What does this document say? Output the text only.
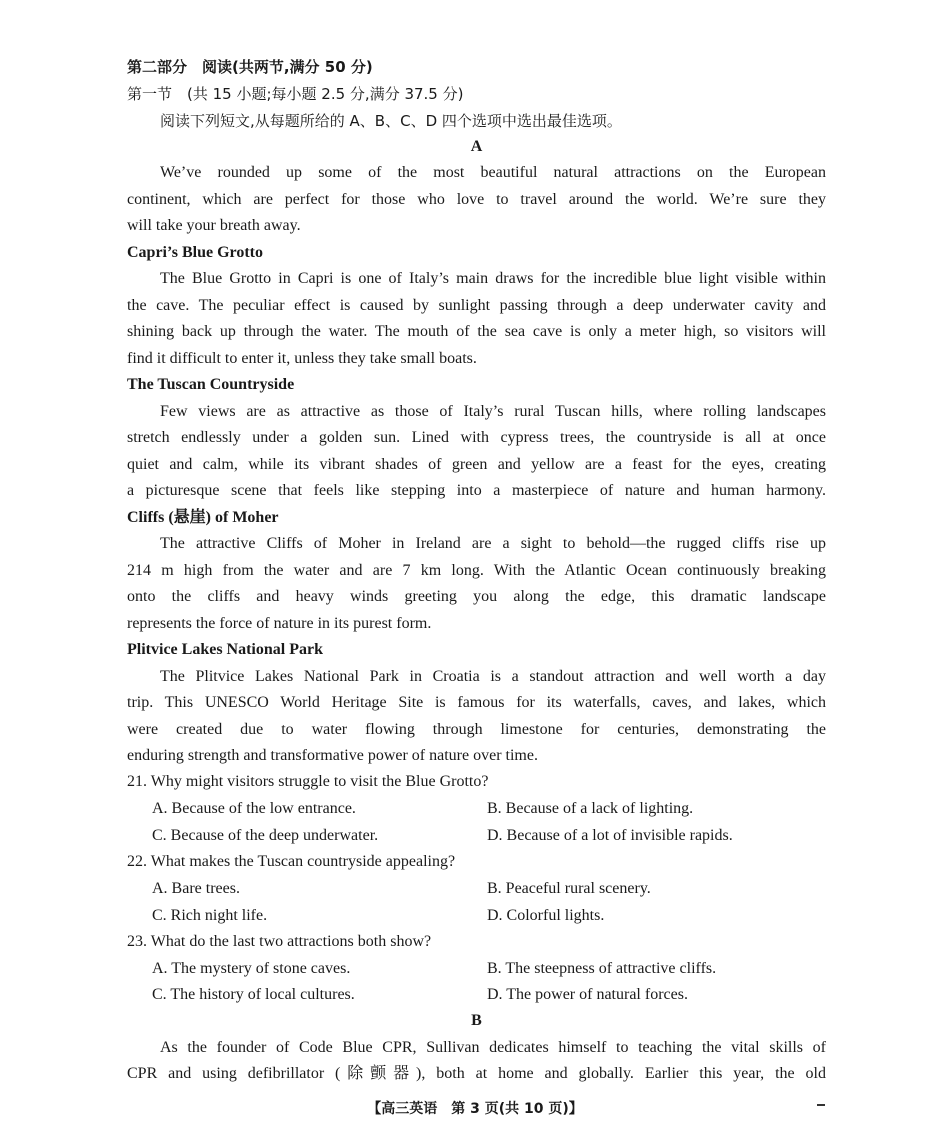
第二部分　阅读(共两节,满分 50 分)
第一节　(共 15 小题;每小题 2.5 分,满分 37.5 分)
阅读下列短文,从每题所给的 A、B、C、D 四个选项中选出最佳选项。
A
We’ve rounded up some of the most beautiful natural attractions on the European
continent, which are perfect for those who love to travel around the world. We’re sure they
will take your breath away.
Capri’s Blue Grotto
The Blue Grotto in Capri is one of Italy’s main draws for the incredible blue light visible within
the cave. The peculiar effect is caused by sunlight passing through a deep underwater cavity and
shining back up through the water. The mouth of the sea cave is only a meter high, so visitors will
find it difficult to enter it, unless they take small boats.
The Tuscan Countryside
Few views are as attractive as those of Italy’s rural Tuscan hills, where rolling landscapes
stretch endlessly under a golden sun. Lined with cypress trees, the countryside is all at once
quiet and calm, while its vibrant shades of green and yellow are a feast for the eyes, creating
a picturesque scene that feels like stepping into a masterpiece of nature and human harmony.
Cliffs (悬崖) of Moher
The attractive Cliffs of Moher in Ireland are a sight to behold—the rugged cliffs rise up
214 m high from the water and are 7 km long. With the Atlantic Ocean continuously breaking
onto the cliffs and heavy winds greeting you along the edge, this dramatic landscape
represents the force of nature in its purest form.
Plitvice Lakes National Park
The Plitvice Lakes National Park in Croatia is a standout attraction and well worth a day
trip. This UNESCO World Heritage Site is famous for its waterfalls, caves, and lakes, which
were created due to water flowing through limestone for centuries, demonstrating the
enduring strength and transformative power of nature over time.
21. Why might visitors struggle to visit the Blue Grotto?
A. Because of the low entrance.	B. Because of a lack of lighting.
C. Because of the deep underwater.	D. Because of a lot of invisible rapids.
22. What makes the Tuscan countryside appealing?
A. Bare trees.	B. Peaceful rural scenery.
C. Rich night life.	D. Colorful lights.
23. What do the last two attractions both show?
A. The mystery of stone caves.	B. The steepness of attractive cliffs.
C. The history of local cultures.	D. The power of natural forces.
B
As the founder of Code Blue CPR, Sullivan dedicates himself to teaching the vital skills of
CPR and using defibrillator (除颤器), both at home and globally. Earlier this year, the old
【高三英语　第 3 页(共 10 页)】
